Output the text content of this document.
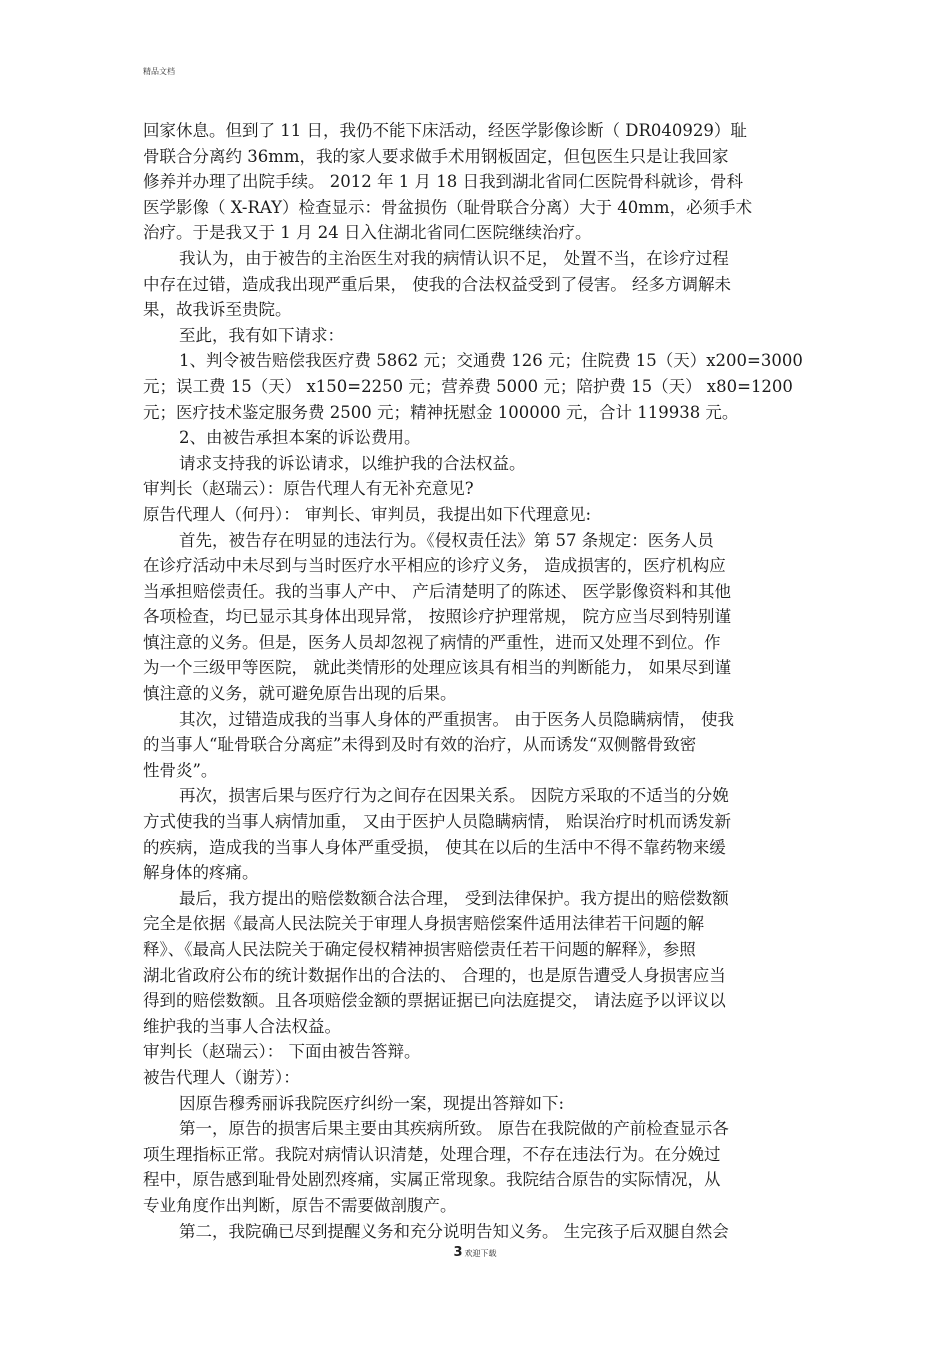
精品文档
回家休息。但到了 11 日，我仍不能下床活动，经医学影像诊断（ DR040929）耻
骨联合分离约 36mm，我的家人要求做手术用钢板固定，但包医生只是让我回家
修养并办理了出院手续。 2012 年 1 月 18 日我到湖北省同仁医院骨科就诊，骨科
医学影像（ X-RAY）检查显示：骨盆损伤（耻骨联合分离）大于 40mm，必须手术
治疗。于是我又于 1 月 24 日入住湖北省同仁医院继续治疗。
我认为，由于被告的主治医生对我的病情认识不足， 处置不当，在诊疗过程
中存在过错，造成我出现严重后果， 使我的合法权益受到了侵害。 经多方调解未
果，故我诉至贵院。
至此，我有如下请求：
1、判令被告赔偿我医疗费 5862 元；交通费 126 元；住院费 15（天）x200=3000
元；误工费 15（天） x150=2250 元；营养费 5000 元；陪护费 15（天） x80=1200
元；医疗技术鉴定服务费 2500 元；精神抚慰金 100000 元，合计 119938 元。
2、由被告承担本案的诉讼费用。
请求支持我的诉讼请求，以维护我的合法权益。
审判长（赵瑞云）：原告代理人有无补充意见?
原告代理人（何丹）： 审判长、审判员，我提出如下代理意见:
首先，被告存在明显的违法行为。《侵权责任法》第 57 条规定：医务人员
在诊疗活动中未尽到与当时医疗水平相应的诊疗义务， 造成损害的，医疗机构应
当承担赔偿责任。我的当事人产中、 产后清楚明了的陈述、 医学影像资料和其他
各项检查，均已显示其身体出现异常， 按照诊疗护理常规， 院方应当尽到特别谨
慎注意的义务。但是，医务人员却忽视了病情的严重性，进而又处理不到位。作
为一个三级甲等医院， 就此类情形的处理应该具有相当的判断能力， 如果尽到谨
慎注意的义务，就可避免原告出现的后果。
其次，过错造成我的当事人身体的严重损害。 由于医务人员隐瞒病情， 使我
的当事人“耻骨联合分离症”未得到及时有效的治疗，从而诱发“双侧髂骨致密
性骨炎”。
再次，损害后果与医疗行为之间存在因果关系。 因院方采取的不适当的分娩
方式使我的当事人病情加重， 又由于医护人员隐瞒病情， 贻误治疗时机而诱发新
的疾病，造成我的当事人身体严重受损， 使其在以后的生活中不得不靠药物来缓
解身体的疼痛。
最后，我方提出的赔偿数额合法合理， 受到法律保护。我方提出的赔偿数额
完全是依据《最高人民法院关于审理人身损害赔偿案件适用法律若干问题的解
释》、《最高人民法院关于确定侵权精神损害赔偿责任若干问题的解释》，参照
湖北省政府公布的统计数据作出的合法的、 合理的，也是原告遭受人身损害应当
得到的赔偿数额。且各项赔偿金额的票据证据已向法庭提交， 请法庭予以评议以
维护我的当事人合法权益。
审判长（赵瑞云）： 下面由被告答辩。
被告代理人（谢芳）：
因原告穆秀丽诉我院医疗纠纷一案，现提出答辩如下:
第一，原告的损害后果主要由其疾病所致。 原告在我院做的产前检查显示各
项生理指标正常。我院对病情认识清楚，处理合理，不存在违法行为。在分娩过
程中，原告感到耻骨处剧烈疼痛，实属正常现象。我院结合原告的实际情况，从
专业角度作出判断，原告不需要做剖腹产。
第二，我院确已尽到提醒义务和充分说明告知义务。 生完孩子后双腿自然会
3 欢迎下载
